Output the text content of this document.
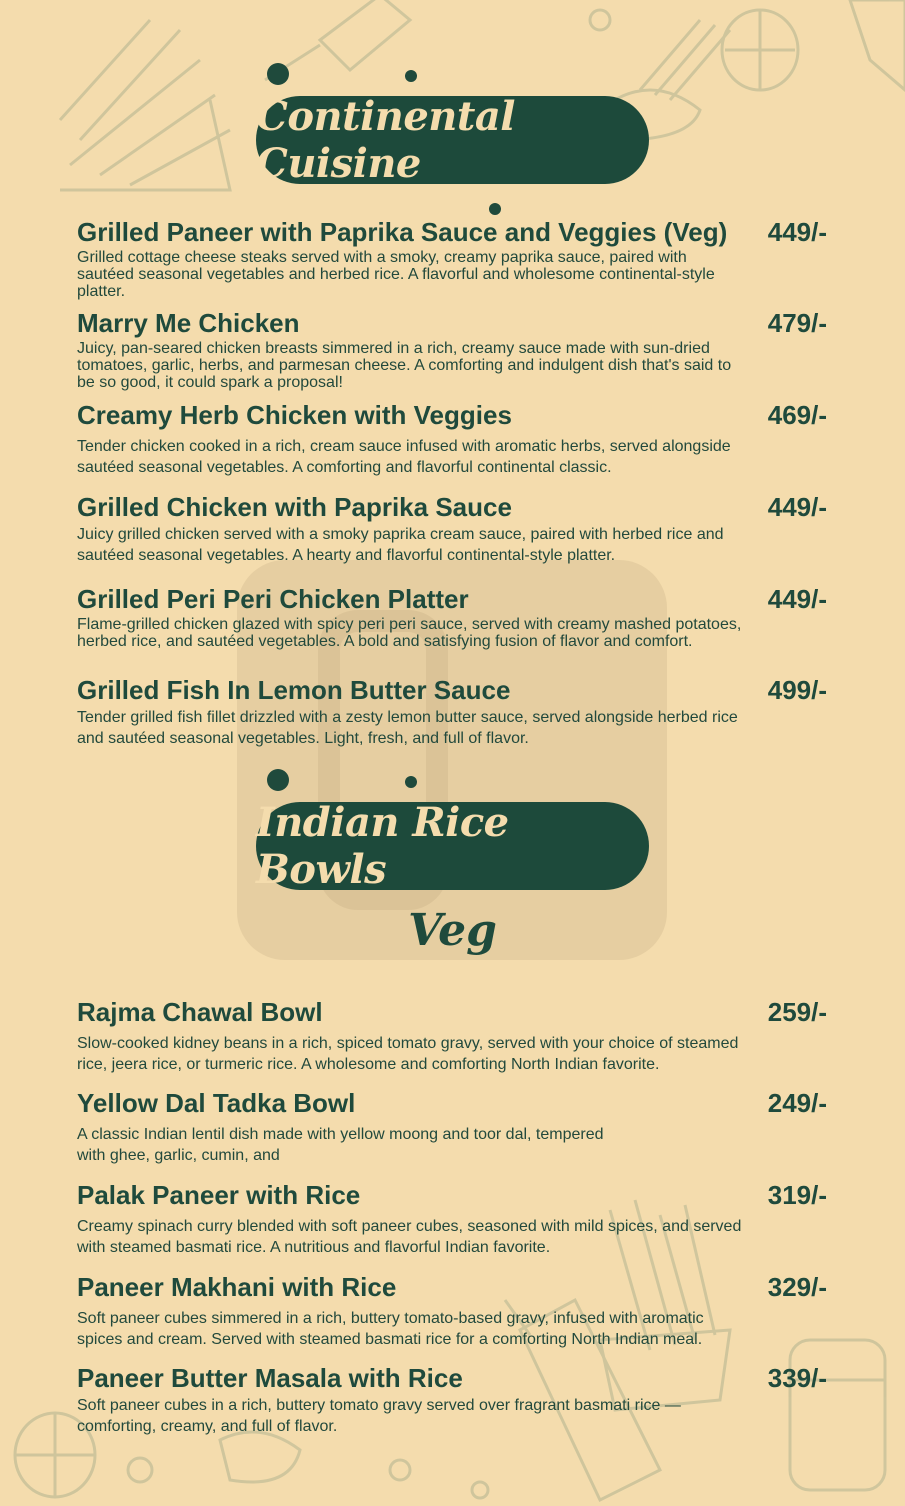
Continental Cuisine
Grilled Paneer with Paprika Sauce and Veggies (Veg)	449/-
Grilled cottage cheese steaks served with a smoky, creamy paprika sauce, paired with sautéed seasonal vegetables and herbed rice. A flavorful and wholesome continental-style platter.
Marry Me Chicken	479/-
Juicy, pan-seared chicken breasts simmered in a rich, creamy sauce made with sun-dried tomatoes, garlic, herbs, and parmesan cheese. A comforting and indulgent dish that's said to be so good, it could spark a proposal!
Creamy Herb Chicken with Veggies	469/-
Tender chicken cooked in a rich, cream sauce infused with aromatic herbs, served alongside sautéed seasonal vegetables. A comforting and flavorful continental classic.
Grilled Chicken with Paprika Sauce	449/-
Juicy grilled chicken served with a smoky paprika cream sauce, paired with herbed rice and sautéed seasonal vegetables. A hearty and flavorful continental-style platter.
Grilled Peri Peri Chicken Platter	449/-
Flame-grilled chicken glazed with spicy peri peri sauce, served with creamy mashed potatoes, herbed rice, and sautéed vegetables. A bold and satisfying fusion of flavor and comfort.
Grilled Fish In Lemon Butter Sauce	499/-
Tender grilled fish fillet drizzled with a zesty lemon butter sauce, served alongside herbed rice and sautéed seasonal vegetables. Light, fresh, and full of flavor.
Indian Rice Bowls
Veg
Rajma Chawal Bowl	259/-
Slow-cooked kidney beans in a rich, spiced tomato gravy, served with your choice of steamed rice, jeera rice, or turmeric rice. A wholesome and comforting North Indian favorite.
Yellow Dal Tadka Bowl	249/-
A classic Indian lentil dish made with yellow moong and toor dal, tempered with ghee, garlic, cumin, and
Palak Paneer with Rice	319/-
Creamy spinach curry blended with soft paneer cubes, seasoned with mild spices, and served with steamed basmati rice. A nutritious and flavorful Indian favorite.
Paneer Makhani with Rice	329/-
Soft paneer cubes simmered in a rich, buttery tomato-based gravy, infused with aromatic spices and cream. Served with steamed basmati rice for a comforting North Indian meal.
Paneer Butter Masala with Rice	339/-
Soft paneer cubes in a rich, buttery tomato gravy served over fragrant basmati rice — comforting, creamy, and full of flavor.
